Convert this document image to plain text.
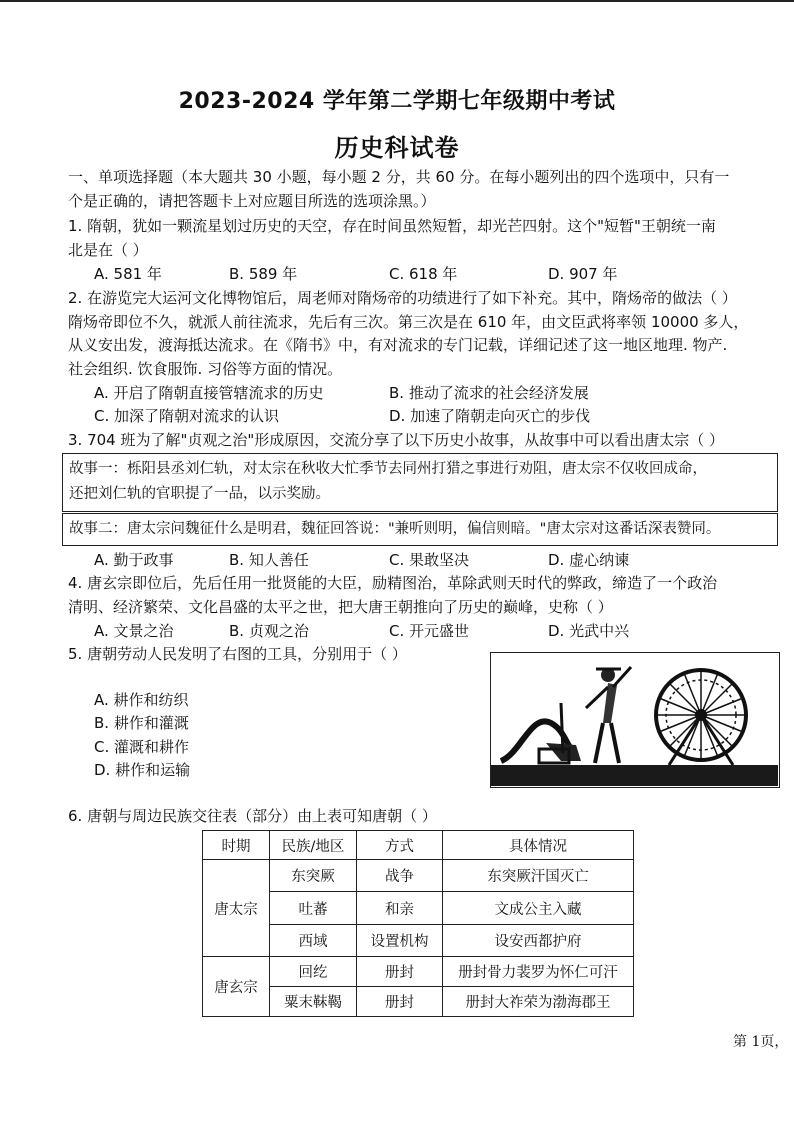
2023-2024 学年第二学期七年级期中考试
历史科试卷
一、单项选择题（本大题共 30 小题，每小题 2 分，共 60 分。在每小题列出的四个选项中，只有一
个是正确的，请把答题卡上对应题目所选的选项涂黑。）
1. 隋朝，犹如一颗流星划过历史的天空，存在时间虽然短暂，却光芒四射。这个"短暂"王朝统一南
北是在（ ）
A. 581 年	B. 589 年	C. 618 年	D. 907 年
2. 在游览完大运河文化博物馆后，周老师对隋炀帝的功绩进行了如下补充。其中，隋炀帝的做法（ ）
隋炀帝即位不久，就派人前往流求，先后有三次。第三次是在 610 年，由文臣武将率领 10000 多人，
从义安出发，渡海抵达流求。在《隋书》中，有对流求的专门记载，详细记述了这一地区地理. 物产.
社会组织. 饮食服饰. 习俗等方面的情况。
A. 开启了隋朝直接管辖流求的历史	B. 推动了流求的社会经济发展
C. 加深了隋朝对流求的认识	D. 加速了隋朝走向灭亡的步伐
3. 704 班为了解"贞观之治"形成原因，交流分享了以下历史小故事，从故事中可以看出唐太宗（ ）
故事一：栎阳县丞刘仁轨，对太宗在秋收大忙季节去同州打猎之事进行劝阻，唐太宗不仅收回成命，
还把刘仁轨的官职提了一品，以示奖励。
故事二：唐太宗问魏征什么是明君，魏征回答说："兼听则明，偏信则暗。"唐太宗对这番话深表赞同。
A. 勤于政事	B. 知人善任	C. 果敢坚决	D. 虚心纳谏
4. 唐玄宗即位后，先后任用一批贤能的大臣，励精图治，革除武则天时代的弊政，缔造了一个政治
清明、经济繁荣、文化昌盛的太平之世，把大唐王朝推向了历史的巅峰，史称（ ）
A. 文景之治	B. 贞观之治	C. 开元盛世	D. 光武中兴
5. 唐朝劳动人民发明了右图的工具，分别用于（ ）
A. 耕作和纺织
B. 耕作和灌溉
C. 灌溉和耕作
D. 耕作和运输
6. 唐朝与周边民族交往表（部分）由上表可知唐朝（ ）
时期	民族/地区	方式	具体情况
唐太宗	东突厥	战争	东突厥汗国灭亡
	吐蕃	和亲	文成公主入藏
	西域	设置机构	设安西都护府
唐玄宗	回纥	册封	册封骨力裴罗为怀仁可汗
	粟末靺鞨	册封	册封大祚荣为渤海郡王
第 1页，
